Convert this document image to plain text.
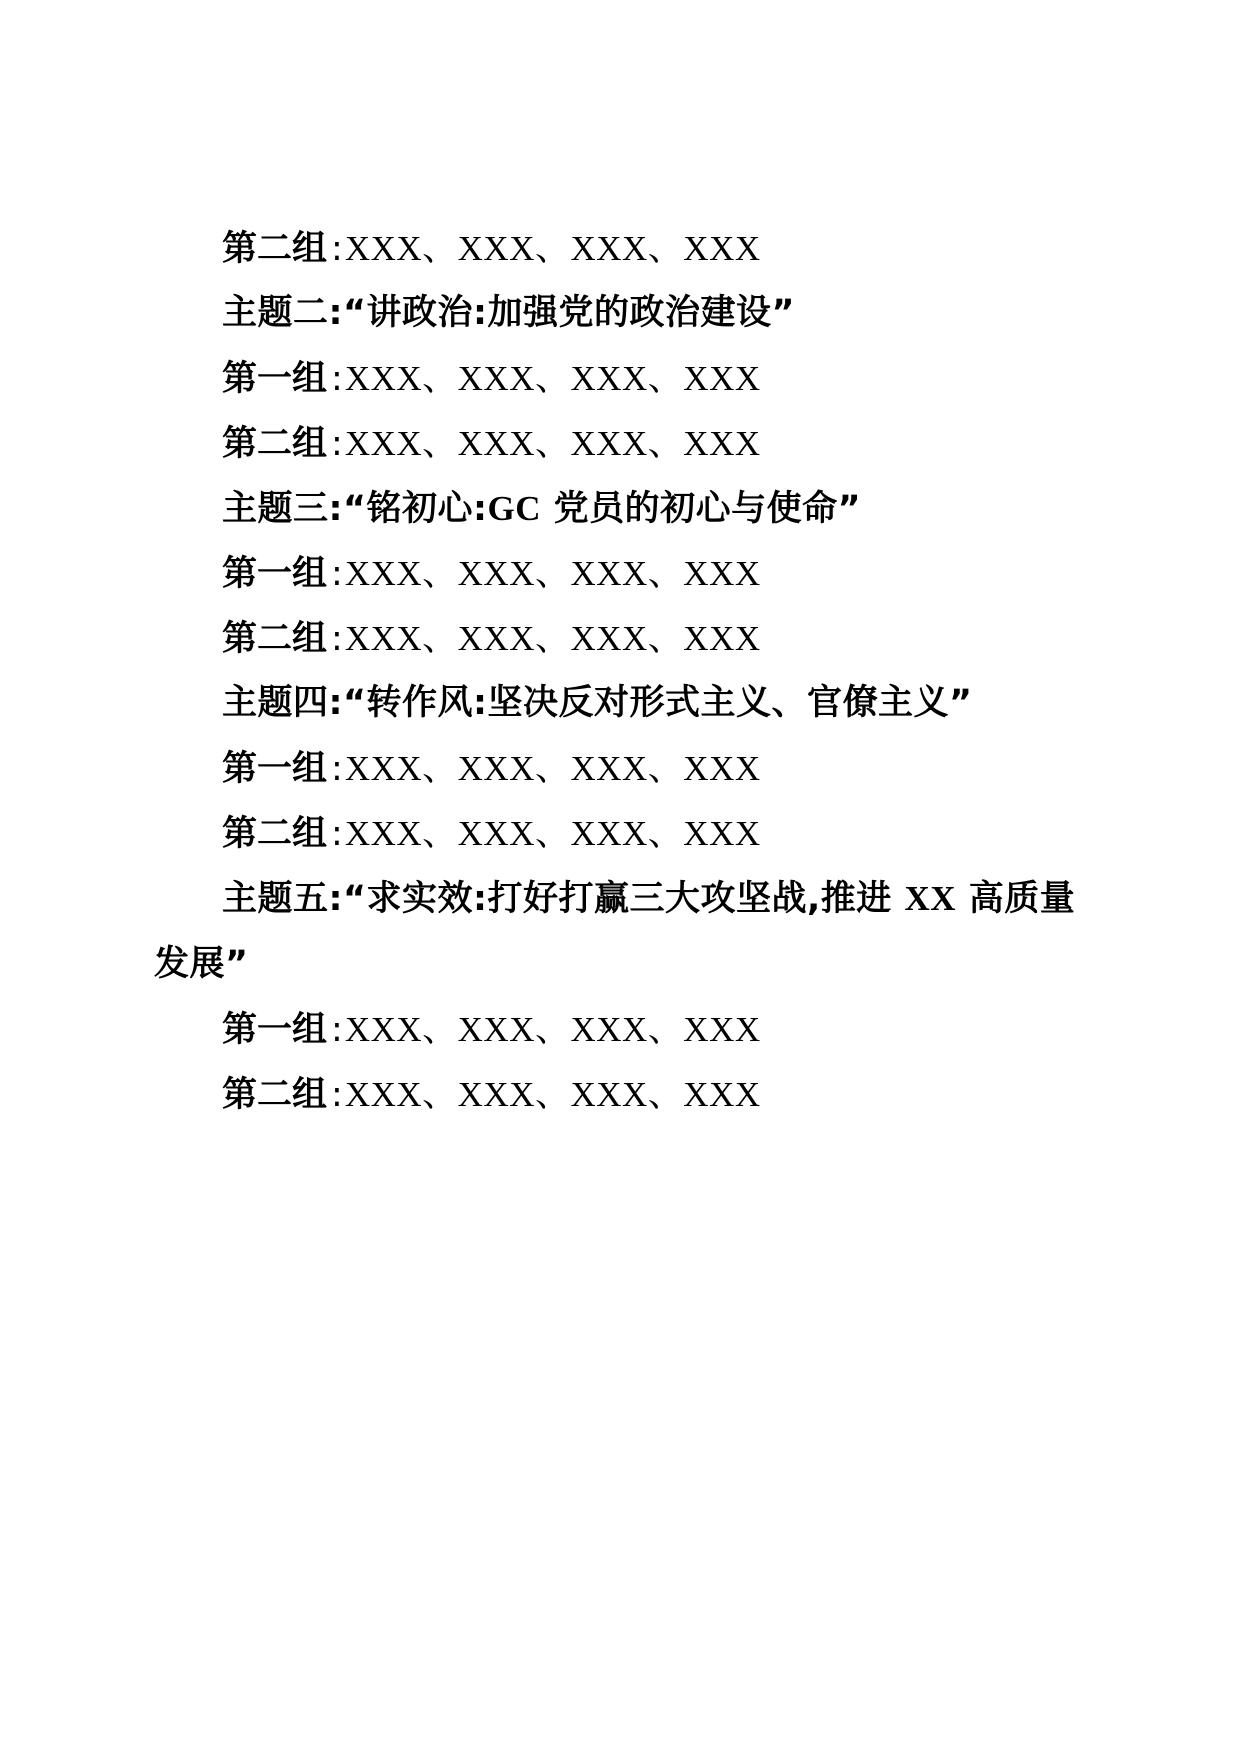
第二组 :XXX、XXX、XXX、XXX
主题二:“讲政治:加强党的政治建设”
第一组 :XXX、XXX、XXX、XXX
第二组 :XXX、XXX、XXX、XXX
主题三:“铭初心:GC 党员的初心与使命”
第一组 :XXX、XXX、XXX、XXX
第二组 :XXX、XXX、XXX、XXX
主题四:“转作风:坚决反对形式主义、官僚主义”
第一组 :XXX、XXX、XXX、XXX
第二组 :XXX、XXX、XXX、XXX
主题五:“求实效:打好打赢三大攻坚战,推进 XX 高质量发展”
第一组 :XXX、XXX、XXX、XXX
第二组 :XXX、XXX、XXX、XXX
